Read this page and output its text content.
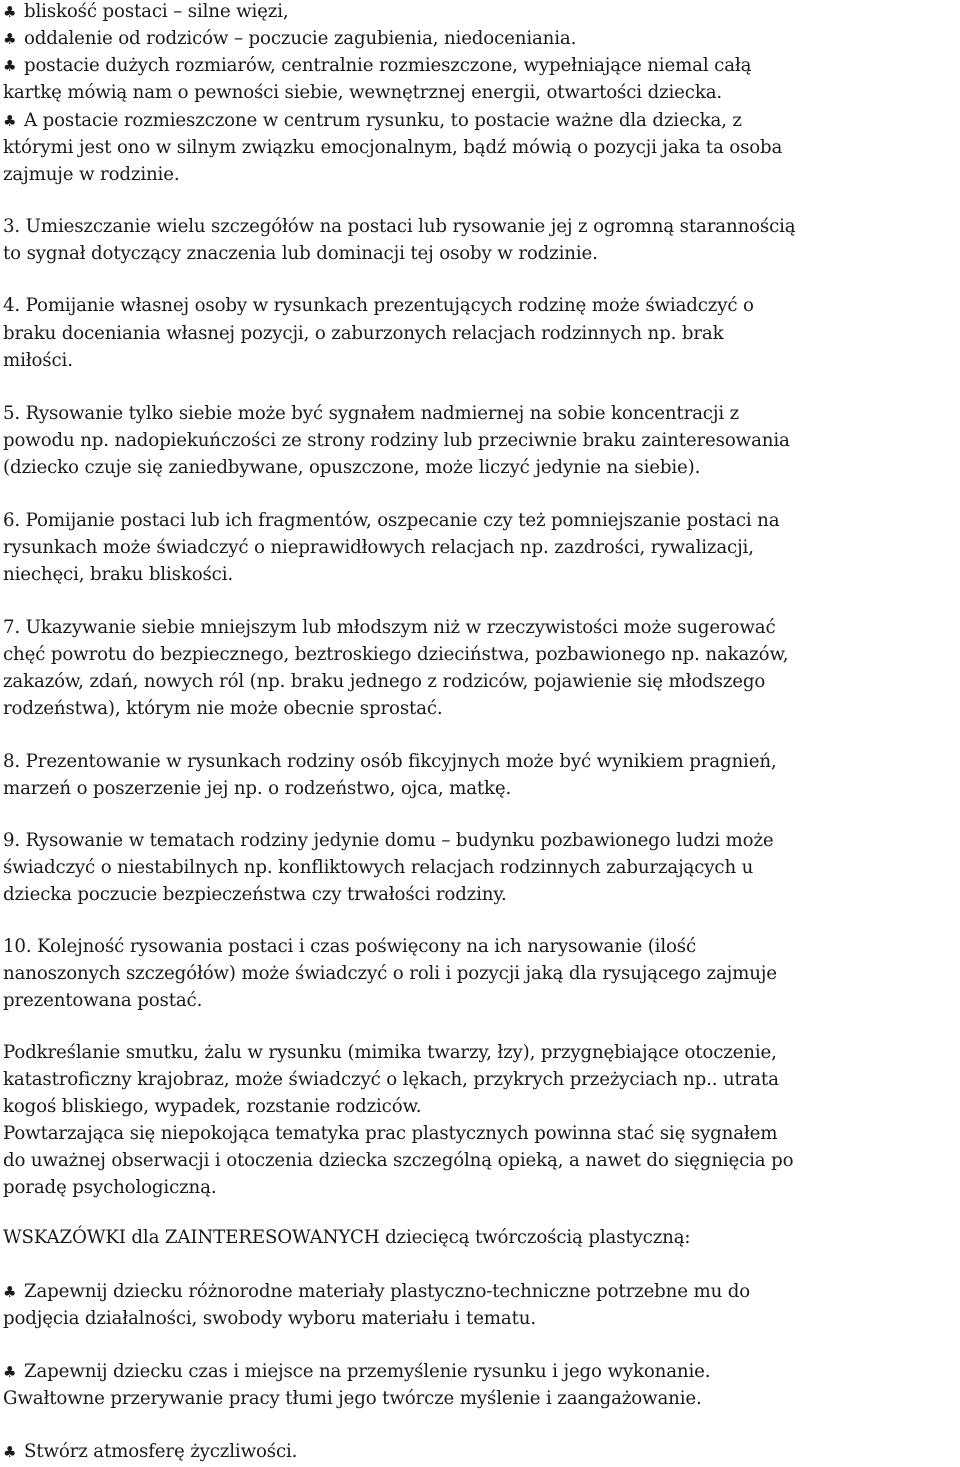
♣ bliskość postaci – silne więzi,
♣ oddalenie od rodziców – poczucie zagubienia, niedoceniania.
♣ postacie dużych rozmiarów, centralnie rozmieszczone, wypełniające niemal całą
kartkę mówią nam o pewności siebie, wewnętrznej energii, otwartości dziecka.
♣ A postacie rozmieszczone w centrum rysunku, to postacie ważne dla dziecka, z
którymi jest ono w silnym związku emocjonalnym, bądź mówią o pozycji jaka ta osoba
zajmuje w rodzinie.
3. Umieszczanie wielu szczegółów na postaci lub rysowanie jej z ogromną starannością
to sygnał dotyczący znaczenia lub dominacji tej osoby w rodzinie.
4. Pomijanie własnej osoby w rysunkach prezentujących rodzinę może świadczyć o
braku doceniania własnej pozycji, o zaburzonych relacjach rodzinnych np. brak
miłości.
5. Rysowanie tylko siebie może być sygnałem nadmiernej na sobie koncentracji z
powodu np. nadopiekuńczości ze strony rodziny lub przeciwnie braku zainteresowania
(dziecko czuje się zaniedbywane, opuszczone, może liczyć jedynie na siebie).
6. Pomijanie postaci lub ich fragmentów, oszpecanie czy też pomniejszanie postaci na
rysunkach może świadczyć o nieprawidłowych relacjach np. zazdrości, rywalizacji,
niechęci, braku bliskości.
7. Ukazywanie siebie mniejszym lub młodszym niż w rzeczywistości może sugerować
chęć powrotu do bezpiecznego, beztroskiego dzieciństwa, pozbawionego np. nakazów,
zakazów, zdań, nowych ról (np. braku jednego z rodziców, pojawienie się młodszego
rodzeństwa), którym nie może obecnie sprostać.
8. Prezentowanie w rysunkach rodziny osób fikcyjnych może być wynikiem pragnień,
marzeń o poszerzenie jej np. o rodzeństwo, ojca, matkę.
9. Rysowanie w tematach rodziny jedynie domu – budynku pozbawionego ludzi może
świadczyć o niestabilnych np. konfliktowych relacjach rodzinnych zaburzających u
dziecka poczucie bezpieczeństwa czy trwałości rodziny.
10. Kolejność rysowania postaci i czas poświęcony na ich narysowanie (ilość
nanoszonych szczegółów) może świadczyć o roli i pozycji jaką dla rysującego zajmuje
prezentowana postać.
Podkreślanie smutku, żalu w rysunku (mimika twarzy, łzy), przygnębiające otoczenie,
katastroficzny krajobraz, może świadczyć o lękach, przykrych przeżyciach np.. utrata
kogoś bliskiego, wypadek, rozstanie rodziców.
Powtarzająca się niepokojąca tematyka prac plastycznych powinna stać się sygnałem
do uważnej obserwacji i otoczenia dziecka szczególną opieką, a nawet do sięgnięcia po
poradę psychologiczną.
WSKAZÓWKI dla ZAINTERESOWANYCH dziecięcą twórczością plastyczną:
♣ Zapewnij dziecku różnorodne materiały plastyczno-techniczne potrzebne mu do
podjęcia działalności, swobody wyboru materiału i tematu.
♣ Zapewnij dziecku czas i miejsce na przemyślenie rysunku i jego wykonanie.
Gwałtowne przerywanie pracy tłumi jego twórcze myślenie i zaangażowanie.
♣ Stwórz atmosferę życzliwości.
